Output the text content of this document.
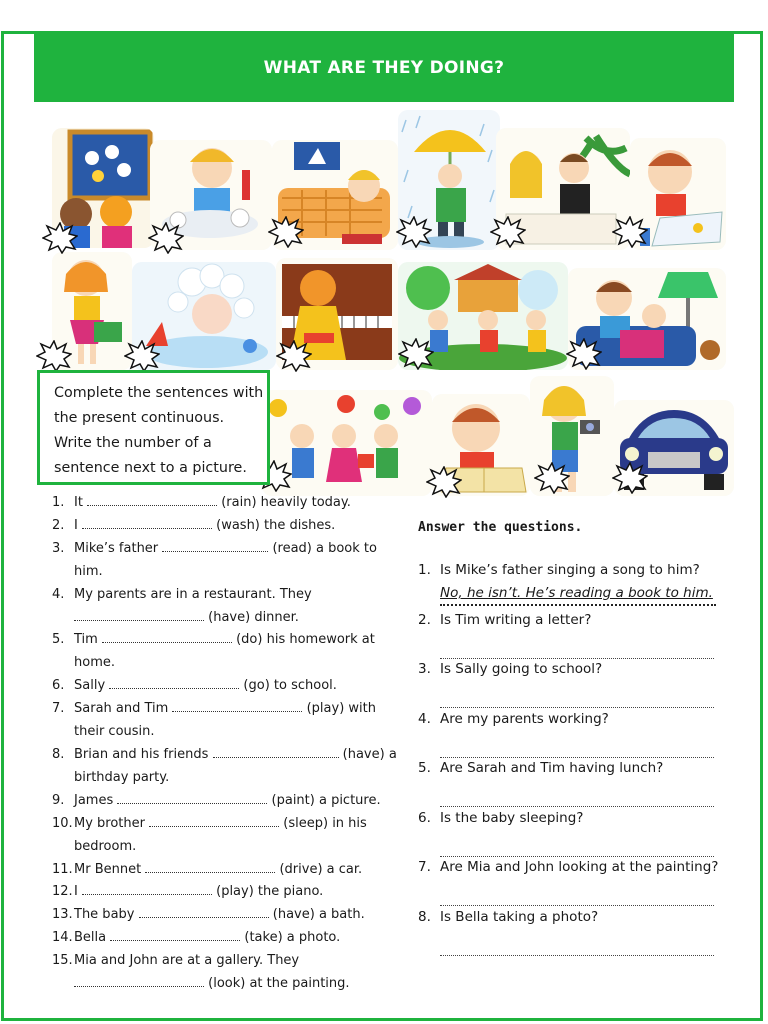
WHAT ARE THEY DOING?
Complete the sentences with
the present continuous.
Write the number of a
sentence next to a picture.
1. It	(rain) heavily today.
2. I	(wash) the dishes.
3. Mike’s father	(read) a book to
him.
4. My parents are in a restaurant. They
(have) dinner.
5. Tim	(do) his homework at
home.
6. Sally	(go) to school.
7. Sarah and Tim	(play) with
their cousin.
8. Brian and his friends	(have) a
birthday party.
9. James	(paint) a picture.
10. My brother	(sleep) in his
bedroom.
11. Mr Bennet	(drive) a car.
12. I	(play) the piano.
13. The baby	(have) a bath.
14. Bella	(take) a photo.
15. Mia and John are at a gallery. They
(look) at the painting.
Answer the questions.
1. Is Mike’s father singing a song to him?
No, he isn’t. He’s reading a book to him.
2. Is Tim writing a letter?
3. Is Sally going to school?
4. Are my parents working?
5. Are Sarah and Tim having lunch?
6. Is the baby sleeping?
7. Are Mia and John looking at the painting?
8. Is Bella taking a photo?
